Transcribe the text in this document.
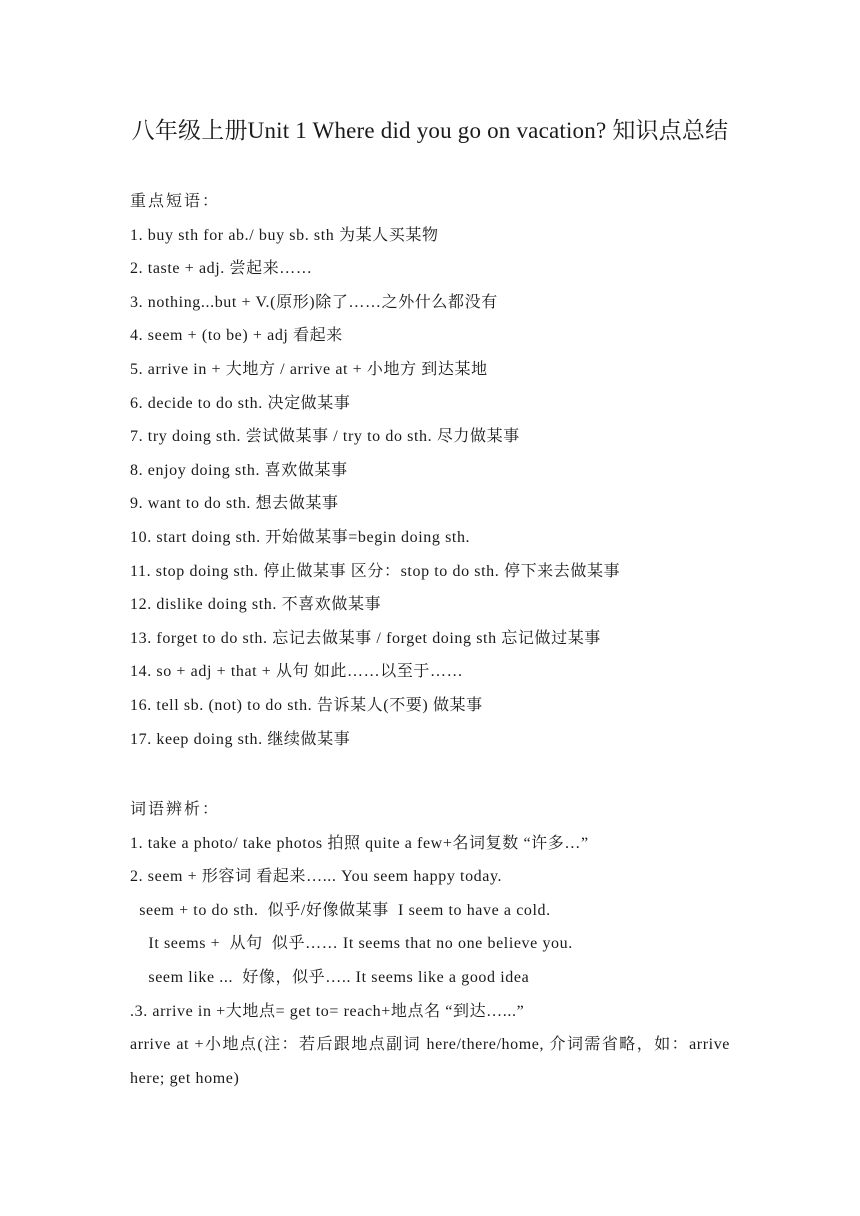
八年级上册Unit 1 Where did you go on vacation? 知识点总结
重点短语：
1. buy sth for ab./ buy sb. sth 为某人买某物
2. taste + adj. 尝起来……
3. nothing...but + V.(原形)除了……之外什么都没有
4. seem + (to be) + adj 看起来
5. arrive in + 大地方 / arrive at + 小地方 到达某地
6. decide to do sth. 决定做某事
7. try doing sth. 尝试做某事 / try to do sth. 尽力做某事
8. enjoy doing sth. 喜欢做某事
9. want to do sth. 想去做某事
10. start doing sth. 开始做某事=begin doing sth.
11. stop doing sth. 停止做某事 区分：stop to do sth. 停下来去做某事
12. dislike doing sth. 不喜欢做某事
13. forget to do sth. 忘记去做某事 / forget doing sth 忘记做过某事
14. so + adj + that + 从句 如此……以至于……
16. tell sb. (not) to do sth. 告诉某人(不要) 做某事
17. keep doing sth. 继续做某事
词语辨析：
1. take a photo/ take photos 拍照 quite a few+名词复数 “许多…”
2. seem + 形容词 看起来…... You seem happy today.
seem + to do sth.  似乎/好像做某事  I seem to have a cold.
It seems +  从句  似乎…… It seems that no one believe you.
seem like ...  好像，似乎….. It seems like a good idea
.3. arrive in +大地点= get to= reach+地点名 “到达…...”
arrive at +小地点(注：若后跟地点副词 here/there/home, 介词需省略，如：arrive here; get home)
